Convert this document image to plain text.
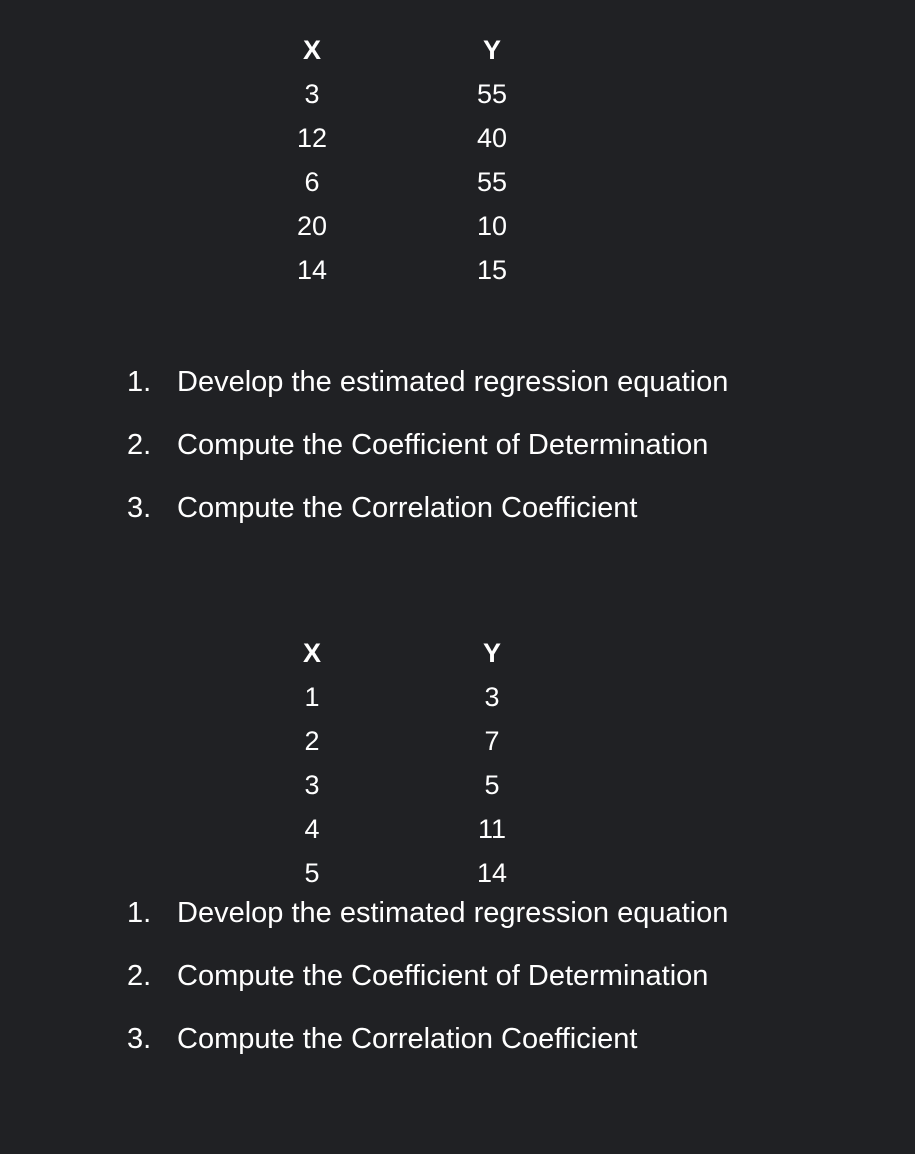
X	Y
3	55
12	40
6	55
20	10
14	15
1. Develop the estimated regression equation
2. Compute the Coefficient of Determination
3. Compute the Correlation Coefficient
X	Y
1	3
2	7
3	5
4	11
5	14
1. Develop the estimated regression equation
2. Compute the Coefficient of Determination
3. Compute the Correlation Coefficient
